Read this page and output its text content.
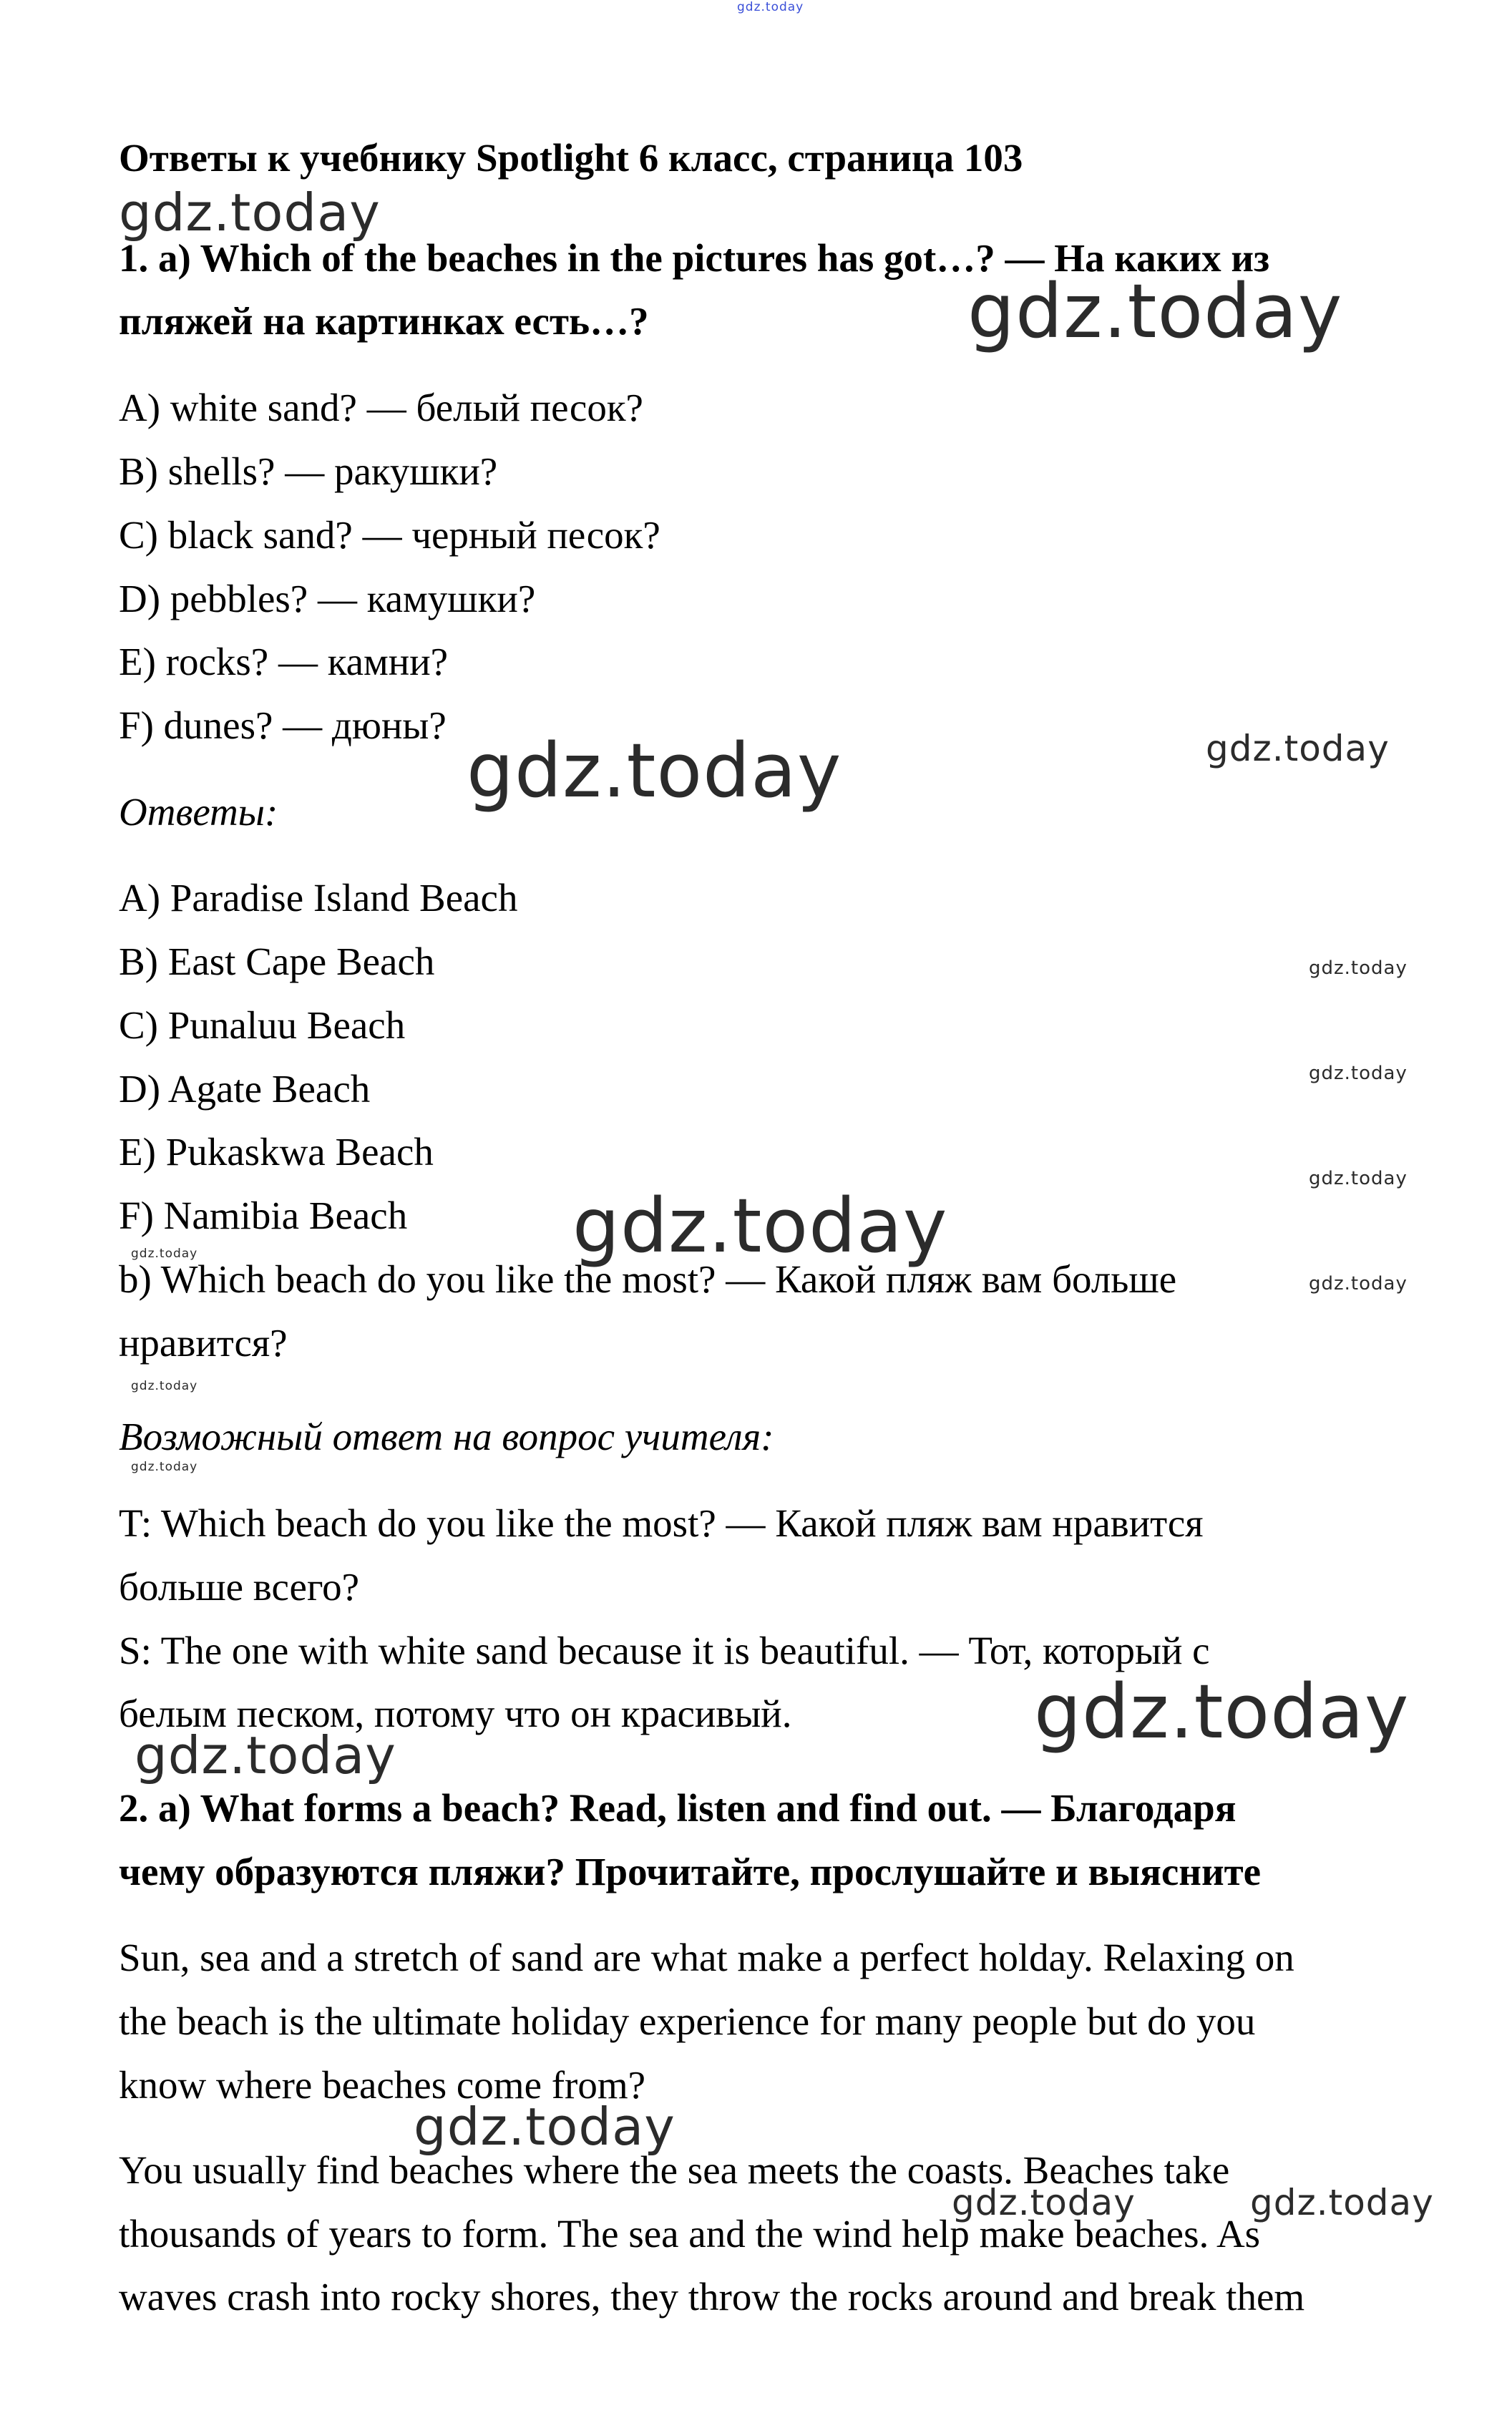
gdz.today
gdz.today
gdz.today
gdz.today	gdz.today
gdz.today
gdz.today
gdz.today
gdz.today
gdz.today
gdz.today
gdz.today
gdz.today
gdz.today
gdz.today
gdz.today
gdz.today	gdz.today
Ответы к учебнику Spotlight 6 класс, страница 103
1. a) Which of the beaches in the pictures has got…? — На каких из
пляжей на картинках есть…?
A) white sand? — белый песок?
B) shells? — ракушки?
C) black sand? — черный песок?
D) pebbles? — камушки?
E) rocks? — камни?
F) dunes? — дюны?
Ответы:
A) Paradise Island Beach
B) East Cape Beach
C) Punaluu Beach
D) Agate Beach
E) Pukaskwa Beach
F) Namibia Beach
b) Which beach do you like the most? — Какой пляж вам больше
нравится?
Возможный ответ на вопрос учителя:
T: Which beach do you like the most? — Какой пляж вам нравится
больше всего?
S: The one with white sand because it is beautiful. — Тот, который с
белым песком, потому что он красивый.
2. a) What forms a beach? Read, listen and find out. — Благодаря
чему образуются пляжи? Прочитайте, прослушайте и выясните
Sun, sea and a stretch of sand are what make a perfect holday. Relaxing on
the beach is the ultimate holiday experience for many people but do you
know where beaches come from?
You usually find beaches where the sea meets the coasts. Beaches take
thousands of years to form. The sea and the wind help make beaches. As
waves crash into rocky shores, they throw the rocks around and break them
